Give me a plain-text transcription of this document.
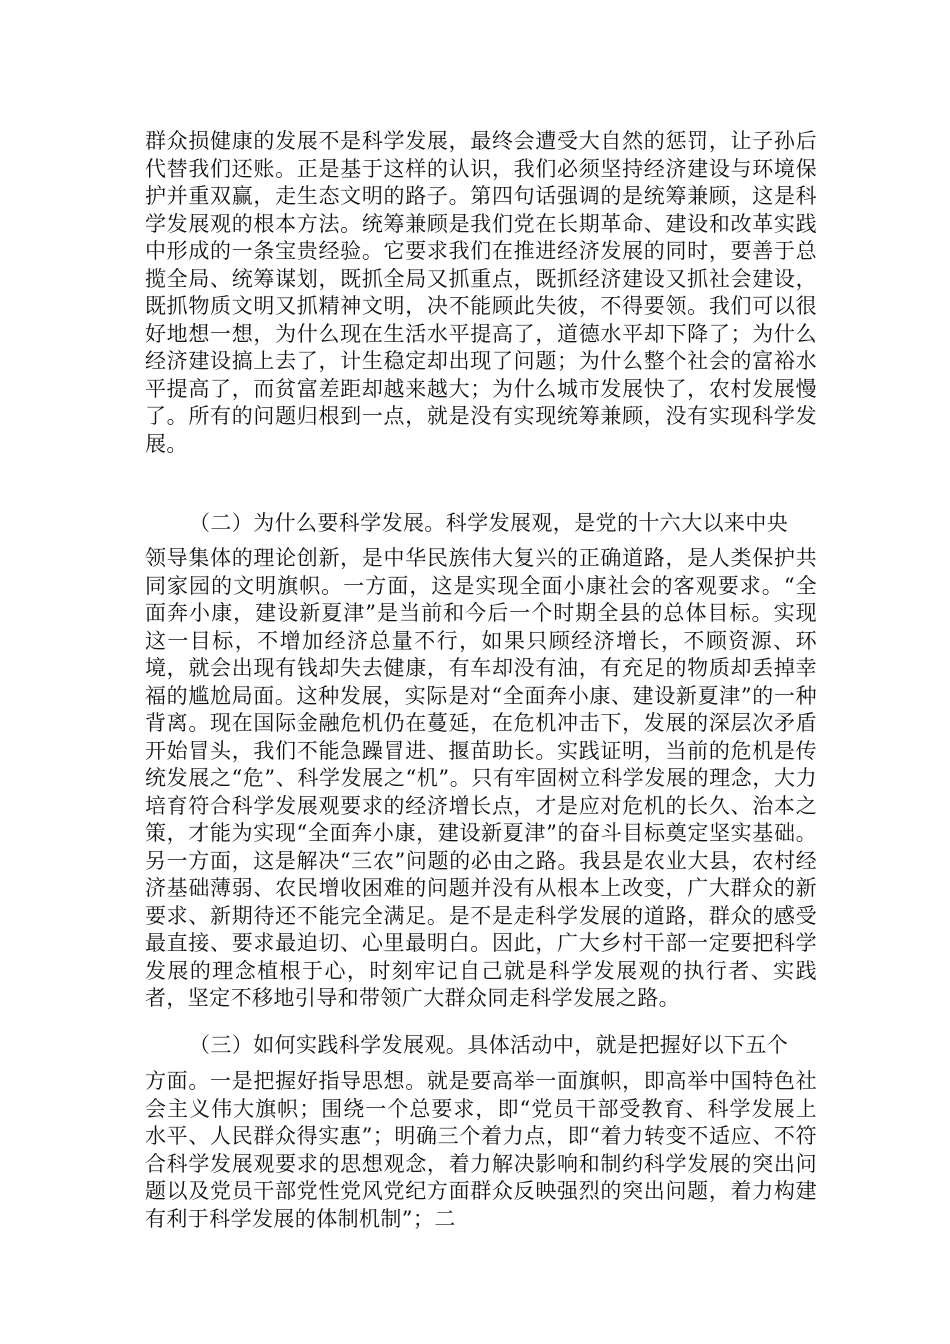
群众损健康的发展不是科学发展，最终会遭受大自然的惩罚，让子孙后代替我们还账。正是基于这样的认识，我们必须坚持经济建设与环境保护并重双赢，走生态文明的路子。第四句话强调的是统筹兼顾，这是科学发展观的根本方法。统筹兼顾是我们党在长期革命、建设和改革实践中形成的一条宝贵经验。它要求我们在推进经济发展的同时，要善于总揽全局、统筹谋划，既抓全局又抓重点，既抓经济建设又抓社会建设，既抓物质文明又抓精神文明，决不能顾此失彼，不得要领。我们可以很好地想一想，为什么现在生活水平提高了，道德水平却下降了；为什么经济建设搞上去了，计生稳定却出现了问题；为什么整个社会的富裕水平提高了，而贫富差距却越来越大；为什么城市发展快了，农村发展慢了。所有的问题归根到一点，就是没有实现统筹兼顾，没有实现科学发展。

（二）为什么要科学发展。科学发展观，是党的十六大以来中央

领导集体的理论创新，是中华民族伟大复兴的正确道路，是人类保护共同家园的文明旗帜。一方面，这是实现全面小康社会的客观要求。“全面奔小康，建设新夏津”是当前和今后一个时期全县的总体目标。实现这一目标，不增加经济总量不行，如果只顾经济增长，不顾资源、环境，就会出现有钱却失去健康，有车却没有油，有充足的物质却丢掉幸福的尴尬局面。这种发展，实际是对“全面奔小康、建设新夏津”的一种背离。现在国际金融危机仍在蔓延，在危机冲击下，发展的深层次矛盾开始冒头，我们不能急躁冒进、揠苗助长。实践证明，当前的危机是传统发展之“危”、科学发展之“机”。只有牢固树立科学发展的理念，大力培育符合科学发展观要求的经济增长点，才是应对危机的长久、治本之策，才能为实现“全面奔小康，建设新夏津”的奋斗目标奠定坚实基础。另一方面，这是解决“三农”问题的必由之路。我县是农业大县，农村经济基础薄弱、农民增收困难的问题并没有从根本上改变，广大群众的新要求、新期待还不能完全满足。是不是走科学发展的道路，群众的感受最直接、要求最迫切、心里最明白。因此，广大乡村干部一定要把科学发展的理念植根于心，时刻牢记自己就是科学发展观的执行者、实践者，坚定不移地引导和带领广大群众同走科学发展之路。

（三）如何实践科学发展观。具体活动中，就是把握好以下五个

方面。一是把握好指导思想。就是要高举一面旗帜，即高举中国特色社会主义伟大旗帜；围绕一个总要求，即“党员干部受教育、科学发展上水平、人民群众得实惠”；明确三个着力点，即“着力转变不适应、不符合科学发展观要求的思想观念，着力解决影响和制约科学发展的突出问题以及党员干部党性党风党纪方面群众反映强烈的突出问题，着力构建有利于科学发展的体制机制”；二
